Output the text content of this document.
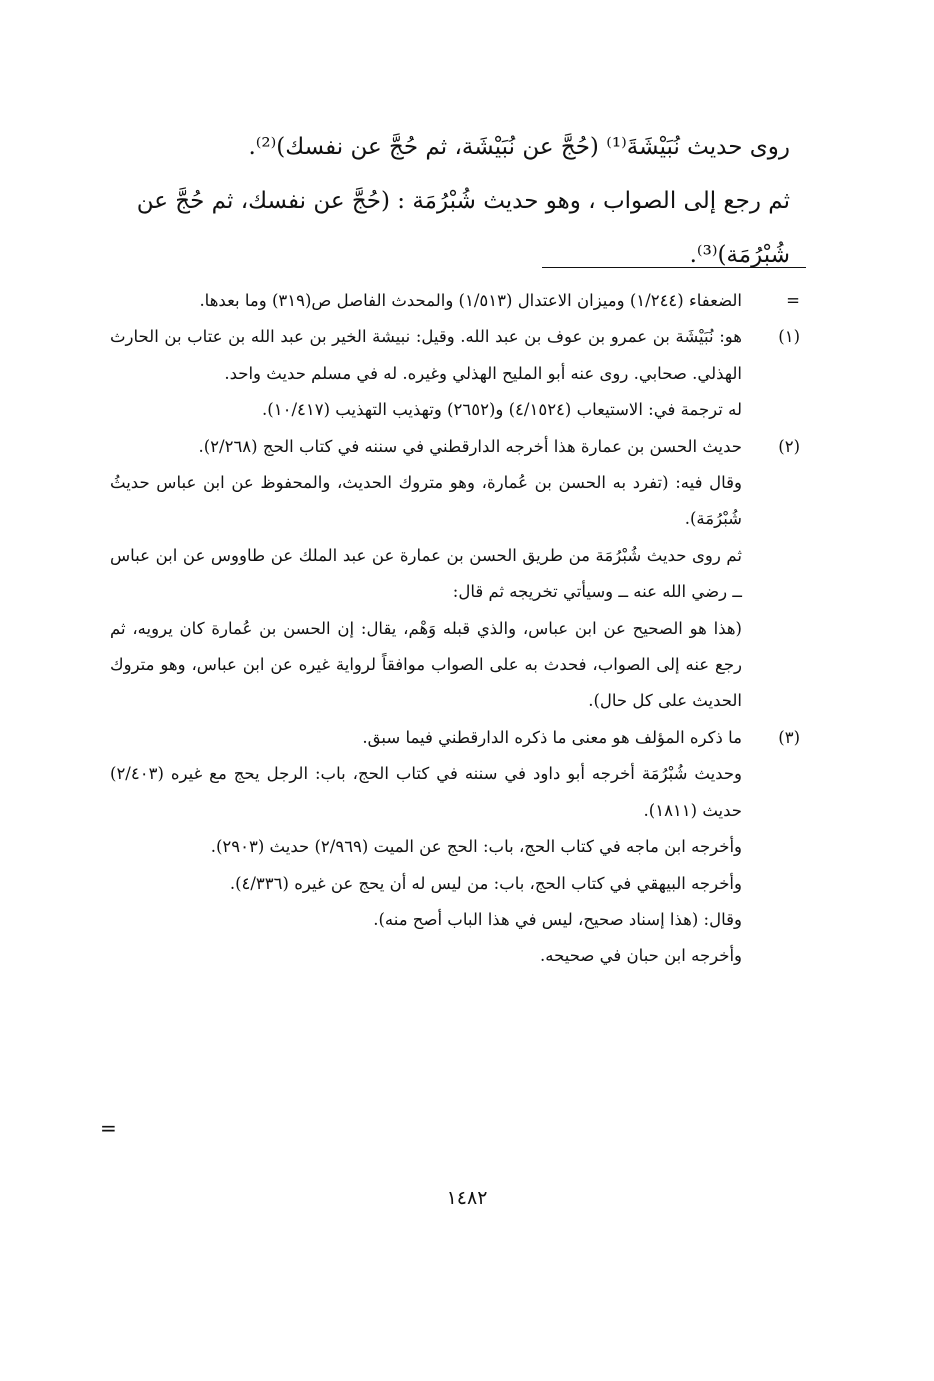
روى حديث نُبَيْشَةَ⁽¹⁾ (حُجَّ عن نُبَيْشَة، ثم حُجَّ عن نفسك)⁽²⁾.

ثم رجع إلى الصواب ، وهو حديث شُبْرُمَة : (حُجَّ عن نفسك، ثم حُجَّ عن شُبْرُمَة)⁽³⁾.

=
الضعفاء (١/٢٤٤) وميزان الاعتدال (١/٥١٣) والمحدث الفاصل ص(٣١٩) وما بعدها.
(١)
هو: نُبَيْشَة بن عمرو بن عوف بن عبد الله. وقيل: نبيشة الخير بن عبد الله بن عتاب بن الحارث الهذلي. صحابي. روى عنه أبو المليح الهذلي وغيره. له في مسلم حديث واحد.
له ترجمة في: الاستيعاب (٤/١٥٢٤) و(٢٦٥٢) وتهذيب التهذيب (١٠/٤١٧).
(٢)
حديث الحسن بن عمارة هذا أخرجه الدارقطني في سننه في كتاب الحج (٢/٢٦٨).
وقال فيه: (تفرد به الحسن بن عُمارة، وهو متروك الحديث، والمحفوظ عن ابن عباس حديثُ شُبْرُمَة).
ثم روى حديث شُبْرُمَة من طريق الحسن بن عمارة عن عبد الملك عن طاووس عن ابن عباس ــ رضي الله عنه ــ وسيأتي تخريجه ثم قال:
(هذا هو الصحيح عن ابن عباس، والذي قبله وَهْم، يقال: إن الحسن بن عُمارة كان يرويه، ثم رجع عنه إلى الصواب، فحدث به على الصواب موافقاً لرواية غيره عن ابن عباس، وهو متروك الحديث على كل حال).
(٣)
ما ذكره المؤلف هو معنى ما ذكره الدارقطني فيما سبق.
وحديث شُبْرُمَة أخرجه أبو داود في سننه في كتاب الحج، باب: الرجل يحج مع غيره (٢/٤٠٣) حديث (١٨١١).
وأخرجه ابن ماجه في كتاب الحج، باب: الحج عن الميت (٢/٩٦٩) حديث (٢٩٠٣).
وأخرجه البيهقي في كتاب الحج، باب: من ليس له أن يحج عن غيره (٤/٣٣٦).
وقال: (هذا إسناد صحيح، ليس في هذا الباب أصح منه).
وأخرجه ابن حبان في صحيحه.
=
١٤٨٢
